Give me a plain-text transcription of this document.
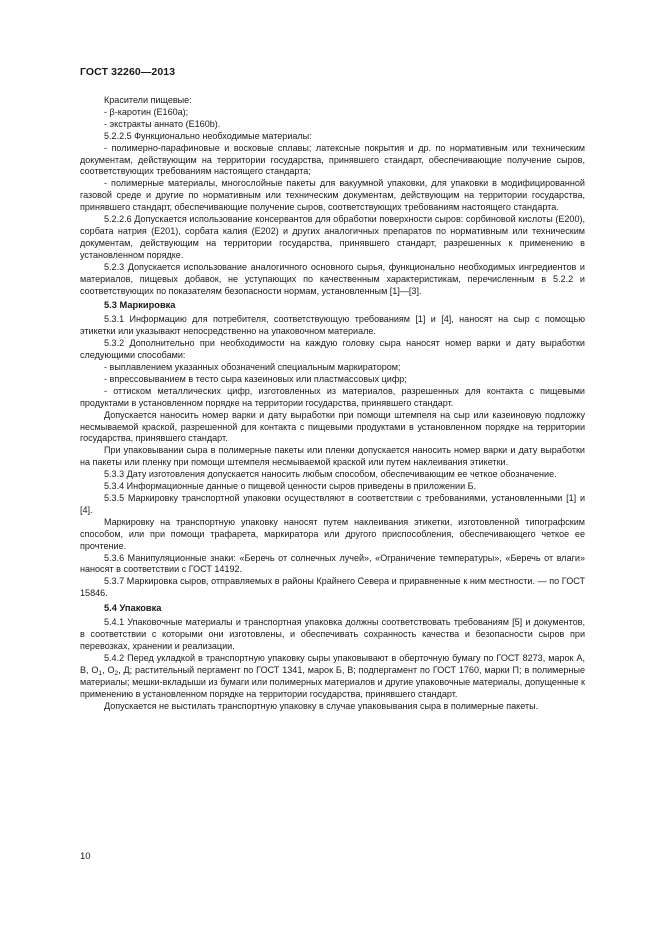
ГОСТ 32260—2013

Красители пищевые:

- β-каротин (E160a);

- экстракты аннато (E160b).

5.2.2.5 Функционально необходимые материалы:

- полимерно-парафиновые и восковые сплавы; латексные покрытия и др. по нормативным или техническим документам, действующим на территории государства, принявшего стандарт, обеспечивающие получение сыров, соответствующих требованиям настоящего стандарта;

- полимерные материалы, многослойные пакеты для вакуумной упаковки, для упаковки в модифицированной газовой среде и другие по нормативным или техническим документам, действующим на территории государства, принявшего стандарт, обеспечивающие получение сыров, соответствующих требованиям настоящего стандарта.

5.2.2.6 Допускается использование консервантов для обработки поверхности сыров: сорбиновой кислоты (E200), сорбата натрия (E201), сорбата калия (E202) и других аналогичных препаратов по нормативным или техническим документам, действующим на территории государства, принявшего стандарт, разрешенных к применению в установленном порядке.

5.2.3 Допускается использование аналогичного основного сырья, функционально необходимых ингредиентов и материалов, пищевых добавок, не уступающих по качественным характеристикам, перечисленным в 5.2.2 и соответствующих по показателям безопасности нормам, установленным [1]—[3].

5.3 Маркировка

5.3.1 Информацию для потребителя, соответствующую требованиям [1] и [4], наносят на сыр с помощью этикетки или указывают непосредственно на упаковочном материале.

5.3.2 Дополнительно при необходимости на каждую головку сыра наносят номер варки и дату выработки следующими способами:

- выплавлением указанных обозначений специальным маркиратором;

- впрессовыванием в тесто сыра казеиновых или пластмассовых цифр;

- оттиском металлических цифр, изготовленных из материалов, разрешенных для контакта с пищевыми продуктами в установленном порядке на территории государства, принявшего стандарт.

Допускается наносить номер варки и дату выработки при помощи штемпеля на сыр или казеиновую подложку несмываемой краской, разрешенной для контакта с пищевыми продуктами в установленном порядке на территории государства, принявшего стандарт.

При упаковывании сыра в полимерные пакеты или пленки допускается наносить номер варки и дату выработки на пакеты или пленку при помощи штемпеля несмываемой краской или путем наклеивания этикетки.

5.3.3 Дату изготовления допускается наносить любым способом, обеспечивающим ее четкое обозначение.

5.3.4 Информационные данные о пищевой ценности сыров приведены в приложении Б.

5.3.5 Маркировку транспортной упаковки осуществляют в соответствии с требованиями, установленными [1] и [4].

Маркировку на транспортную упаковку наносят путем наклеивания этикетки, изготовленной типографским способом, или при помощи трафарета, маркиратора или другого приспособления, обеспечивающего четкое ее прочтение.

5.3.6 Манипуляционные знаки: «Беречь от солнечных лучей», «Ограничение температуры», «Беречь от влаги» наносят в соответствии с ГОСТ 14192.

5.3.7 Маркировка сыров, отправляемых в районы Крайнего Севера и приравненные к ним местности. — по ГОСТ 15846.

5.4 Упаковка

5.4.1 Упаковочные материалы и транспортная упаковка должны соответствовать требованиям [5] и документов, в соответствии с которыми они изготовлены, и обеспечивать сохранность качества и безопасности сыров при перевозках, хранении и реализации.

5.4.2 Перед укладкой в транспортную упаковку сыры упаковывают в оберточную бумагу по ГОСТ 8273, марок А, В, $О_1$, $О_2$, Д; растительный пергамент по ГОСТ 1341, марок Б, В; подпергамент по ГОСТ 1760, марки П; в полимерные материалы; мешки-вкладыши из бумаги или полимерных материалов и другие упаковочные материалы, допущенные к применению в установленном порядке на территории государства, принявшего стандарт.

Допускается не выстилать транспортную упаковку в случае упаковывания сыра в полимерные пакеты.

10
